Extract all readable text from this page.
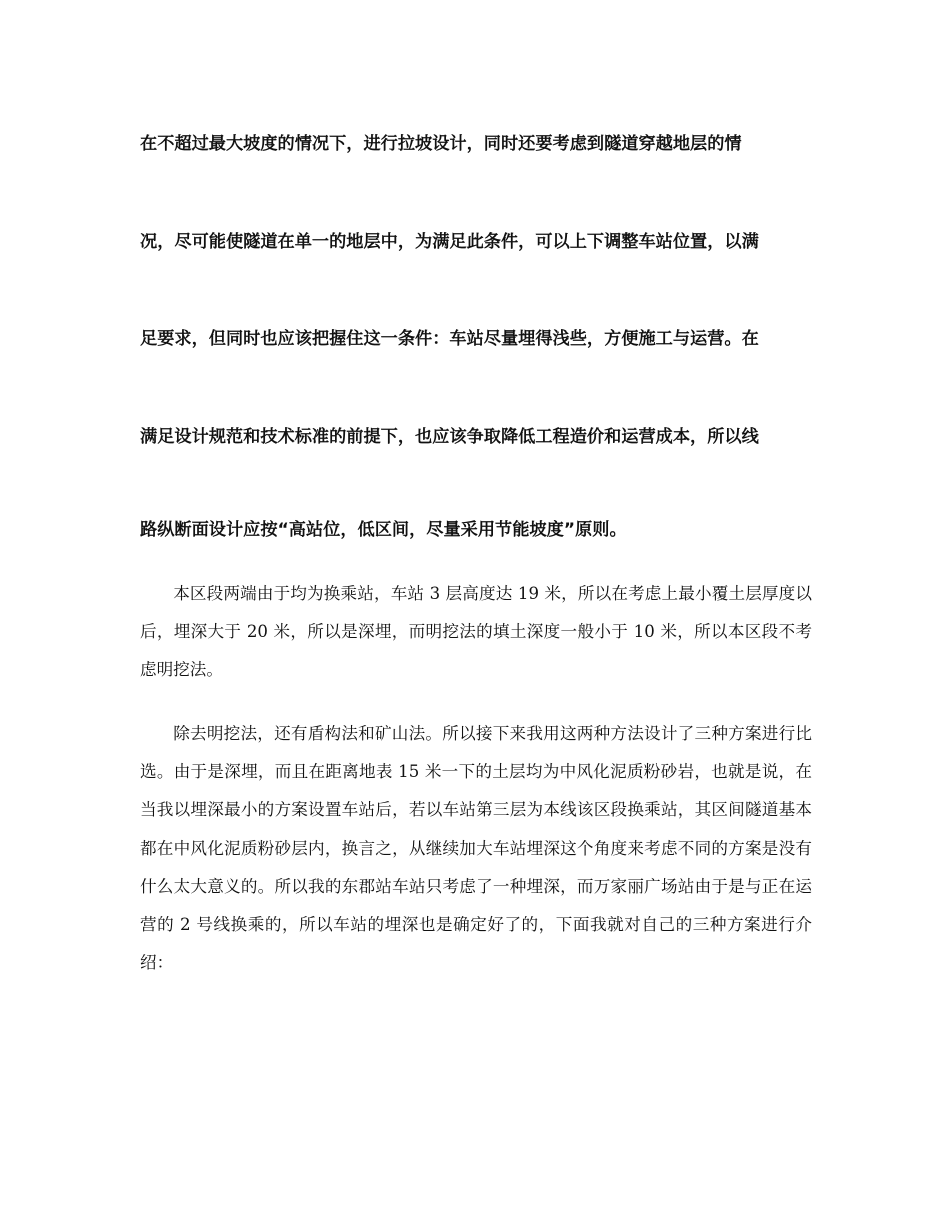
在不超过最大坡度的情况下，进行拉坡设计，同时还要考虑到隧道穿越地层的情
况，尽可能使隧道在单一的地层中，为满足此条件，可以上下调整车站位置，以满
足要求，但同时也应该把握住这一条件：车站尽量埋得浅些，方便施工与运营。在
满足设计规范和技术标准的前提下，也应该争取降低工程造价和运营成本，所以线
路纵断面设计应按“高站位，低区间，尽量采用节能坡度”原则。

本区段两端由于均为换乘站，车站 3 层高度达 19 米，所以在考虑上最小覆土层厚度以后，埋深大于 20 米，所以是深埋，而明挖法的填土深度一般小于 10 米，所以本区段不考虑明挖法。

除去明挖法，还有盾构法和矿山法。所以接下来我用这两种方法设计了三种方案进行比选。由于是深埋，而且在距离地表 15 米一下的土层均为中风化泥质粉砂岩，也就是说，在当我以埋深最小的方案设置车站后，若以车站第三层为本线该区段换乘站，其区间隧道基本都在中风化泥质粉砂层内，换言之，从继续加大车站埋深这个角度来考虑不同的方案是没有什么太大意义的。所以我的东郡站车站只考虑了一种埋深，而万家丽广场站由于是与正在运营的 2 号线换乘的，所以车站的埋深也是确定好了的，下面我就对自己的三种方案进行介绍：
